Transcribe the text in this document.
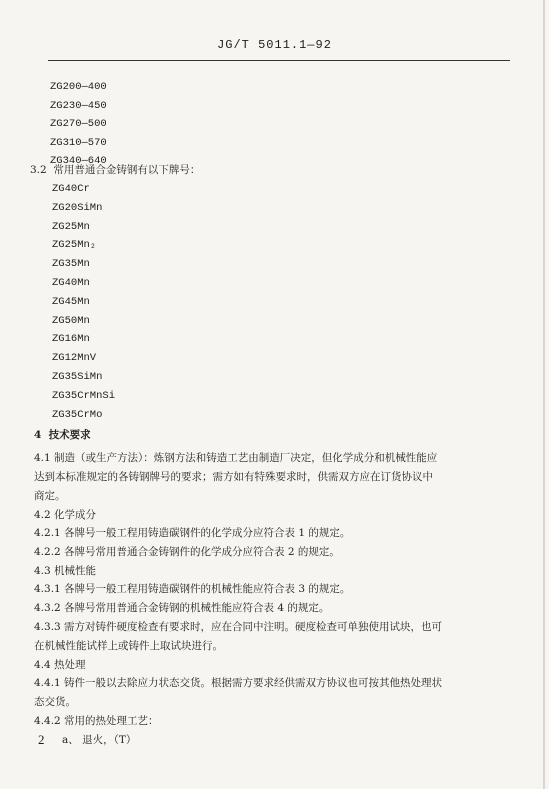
JG/T 5011.1—92
ZG200—400
ZG230—450
ZG270—500
ZG310—570
ZG340—640
3.2 常用普通合金铸钢有以下牌号：
ZG40Cr
ZG20SiMn
ZG25Mn
ZG25Mn₂
ZG35Mn
ZG40Mn
ZG45Mn
ZG50Mn
ZG16Mn
ZG12MnV
ZG35SiMn
ZG35CrMnSi
ZG35CrMo
4 技术要求
4.1 制造（或生产方法）：炼钢方法和铸造工艺由制造厂决定，但化学成分和机械性能应
达到本标准规定的各铸钢牌号的要求；需方如有特殊要求时，供需双方应在订货协议中
商定。
4.2 化学成分
4.2.1 各牌号一般工程用铸造碳钢件的化学成分应符合表 1 的规定。
4.2.2 各牌号常用普通合金铸钢件的化学成分应符合表 2 的规定。
4.3 机械性能
4.3.1 各牌号一般工程用铸造碳钢件的机械性能应符合表 3 的规定。
4.3.2 各牌号常用普通合金铸钢的机械性能应符合表 4 的规定。
4.3.3 需方对铸件硬度检查有要求时，应在合同中注明。硬度检查可单独使用试块，也可
在机械性能试样上或铸件上取试块进行。
4.4 热处理
4.4.1 铸件一般以去除应力状态交货。根据需方要求经供需双方协议也可按其他热处理状
态交货。
4.4.2 常用的热处理工艺：
a、 退火，（T）
2
